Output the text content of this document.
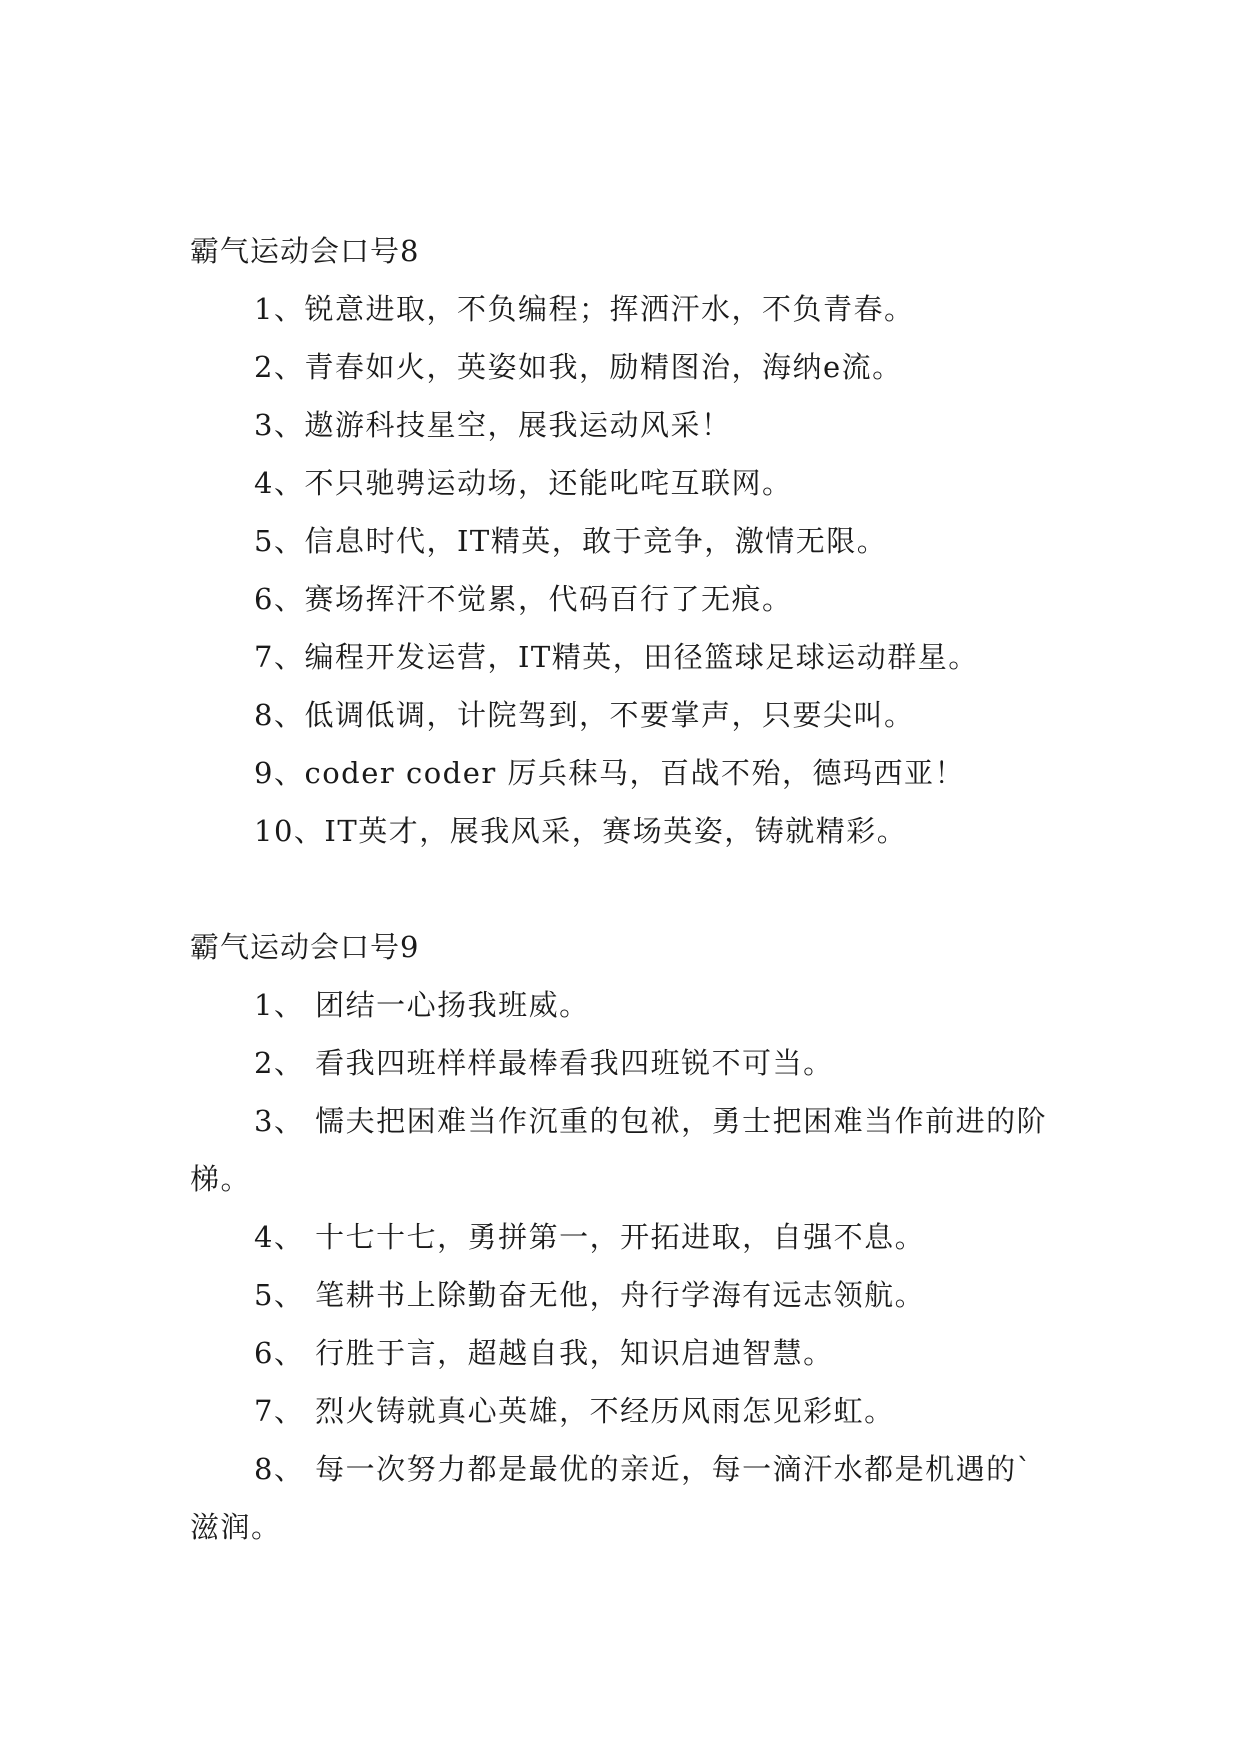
霸气运动会口号8
1、锐意进取，不负编程；挥洒汗水，不负青春。
2、青春如火，英姿如我，励精图治，海纳e流。
3、遨游科技星空，展我运动风采！
4、不只驰骋运动场，还能叱咤互联网。
5、信息时代，IT精英，敢于竞争，激情无限。
6、赛场挥汗不觉累，代码百行了无痕。
7、编程开发运营，IT精英，田径篮球足球运动群星。
8、低调低调，计院驾到，不要掌声，只要尖叫。
9、coder coder 厉兵秣马，百战不殆，德玛西亚！
10、IT英才，展我风采，赛场英姿，铸就精彩。
霸气运动会口号9
1、 团结一心扬我班威。
2、 看我四班样样最棒看我四班锐不可当。
3、 懦夫把困难当作沉重的包袱，勇士把困难当作前进的阶梯。
4、 十七十七，勇拼第一，开拓进取，自强不息。
5、 笔耕书上除勤奋无他，舟行学海有远志领航。
6、 行胜于言，超越自我，知识启迪智慧。
7、 烈火铸就真心英雄，不经历风雨怎见彩虹。
8、 每一次努力都是最优的亲近，每一滴汗水都是机遇的`滋润。
